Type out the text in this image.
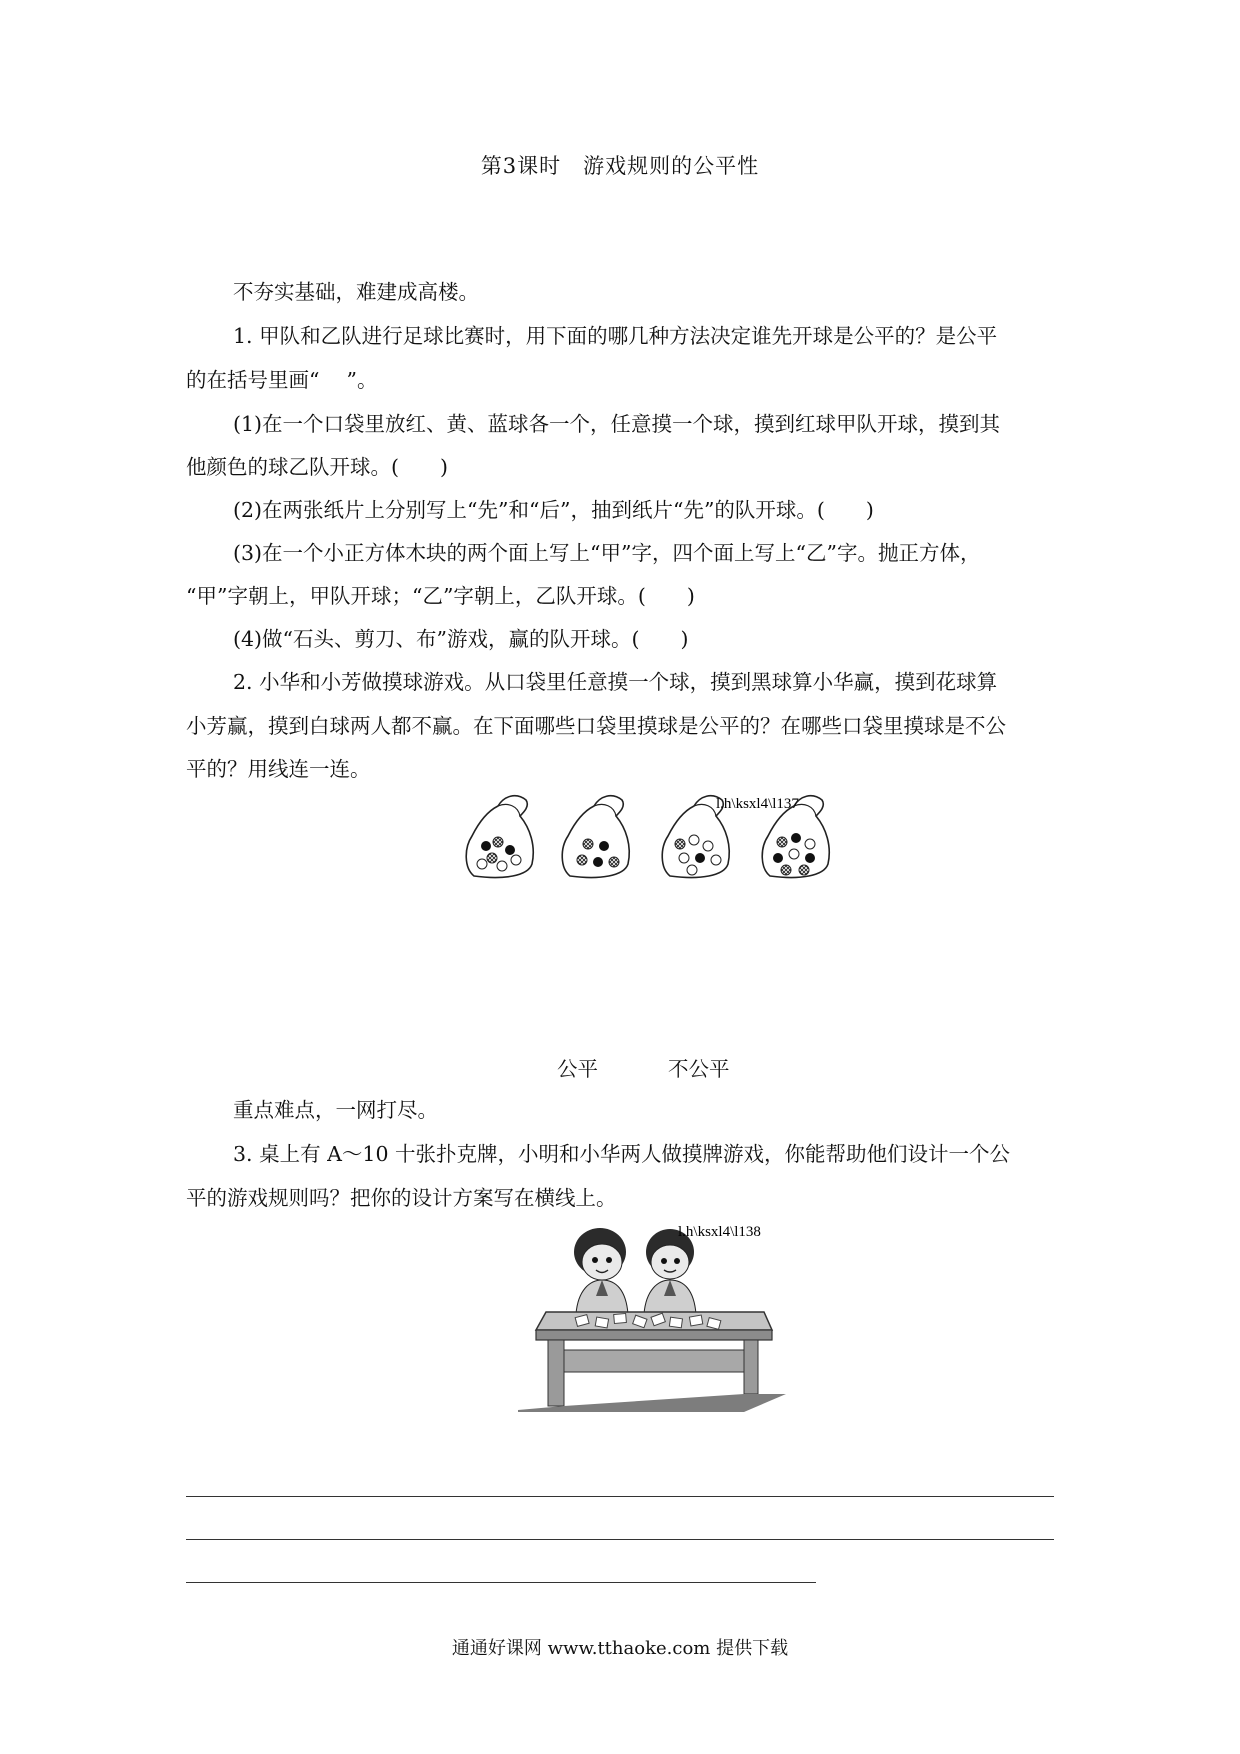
第3课时　游戏规则的公平性
不夯实基础，难建成高楼。
1. 甲队和乙队进行足球比赛时，用下面的哪几种方法决定谁先开球是公平的？是公平
的在括号里画“　 ”。
(1)在一个口袋里放红、黄、蓝球各一个，任意摸一个球，摸到红球甲队开球，摸到其
他颜色的球乙队开球。(　　)
(2)在两张纸片上分别写上“先”和“后”，抽到纸片“先”的队开球。(　　)
(3)在一个小正方体木块的两个面上写上“甲”字，四个面上写上“乙”字。抛正方体，
“甲”字朝上，甲队开球；“乙”字朝上，乙队开球。(　　)
(4)做“石头、剪刀、布”游戏，赢的队开球。(　　)
2. 小华和小芳做摸球游戏。从口袋里任意摸一个球，摸到黑球算小华赢，摸到花球算
小芳赢，摸到白球两人都不赢。在下面哪些口袋里摸球是公平的？在哪些口袋里摸球是不公
平的？用线连一连。
l.h\ksxl4\l137
公平	不公平
重点难点，一网打尽。
3. 桌上有 A～10 十张扑克牌，小明和小华两人做摸牌游戏，你能帮助他们设计一个公
平的游戏规则吗？把你的设计方案写在横线上。
l.h\ksxl4\l138
通通好课网 www.tthaoke.com 提供下载
